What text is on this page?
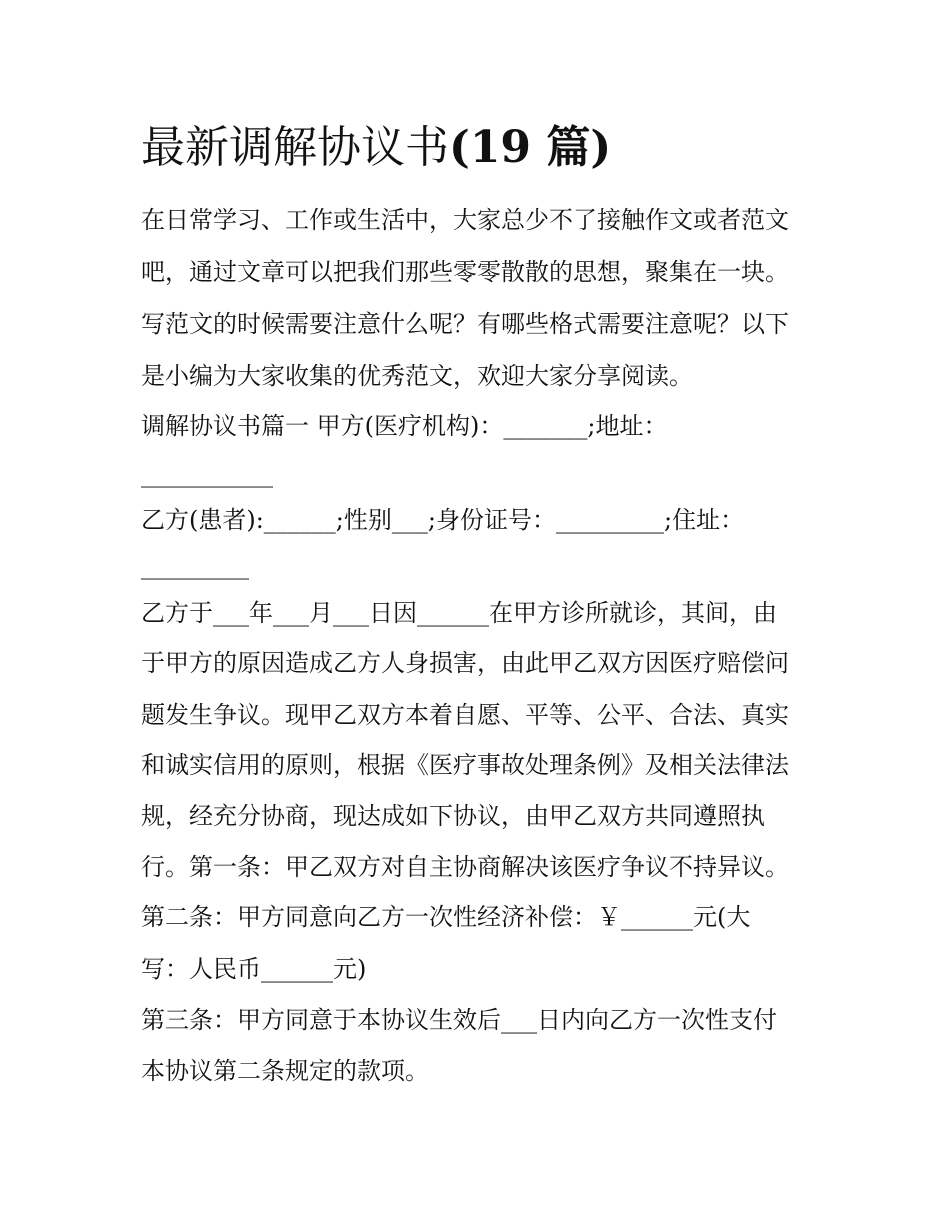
最新调解协议书(19 篇)
在日常学习、工作或生活中，大家总少不了接触作文或者范文
吧，通过文章可以把我们那些零零散散的思想，聚集在一块。
写范文的时候需要注意什么呢？有哪些格式需要注意呢？以下
是小编为大家收集的优秀范文，欢迎大家分享阅读。
调解协议书篇一 甲方(医疗机构)：_______;地址：
___________
乙方(患者):______;性别___;身份证号：_________;住址：
_________
乙方于___年___月___日因______在甲方诊所就诊，其间，由
于甲方的原因造成乙方人身损害，由此甲乙双方因医疗赔偿问
题发生争议。现甲乙双方本着自愿、平等、公平、合法、真实
和诚实信用的原则，根据《医疗事故处理条例》及相关法律法
规，经充分协商，现达成如下协议，由甲乙双方共同遵照执
行。第一条：甲乙双方对自主协商解决该医疗争议不持异议。
第二条：甲方同意向乙方一次性经济补偿：￥______元(大
写：人民币______元)
第三条：甲方同意于本协议生效后___日内向乙方一次性支付
本协议第二条规定的款项。
